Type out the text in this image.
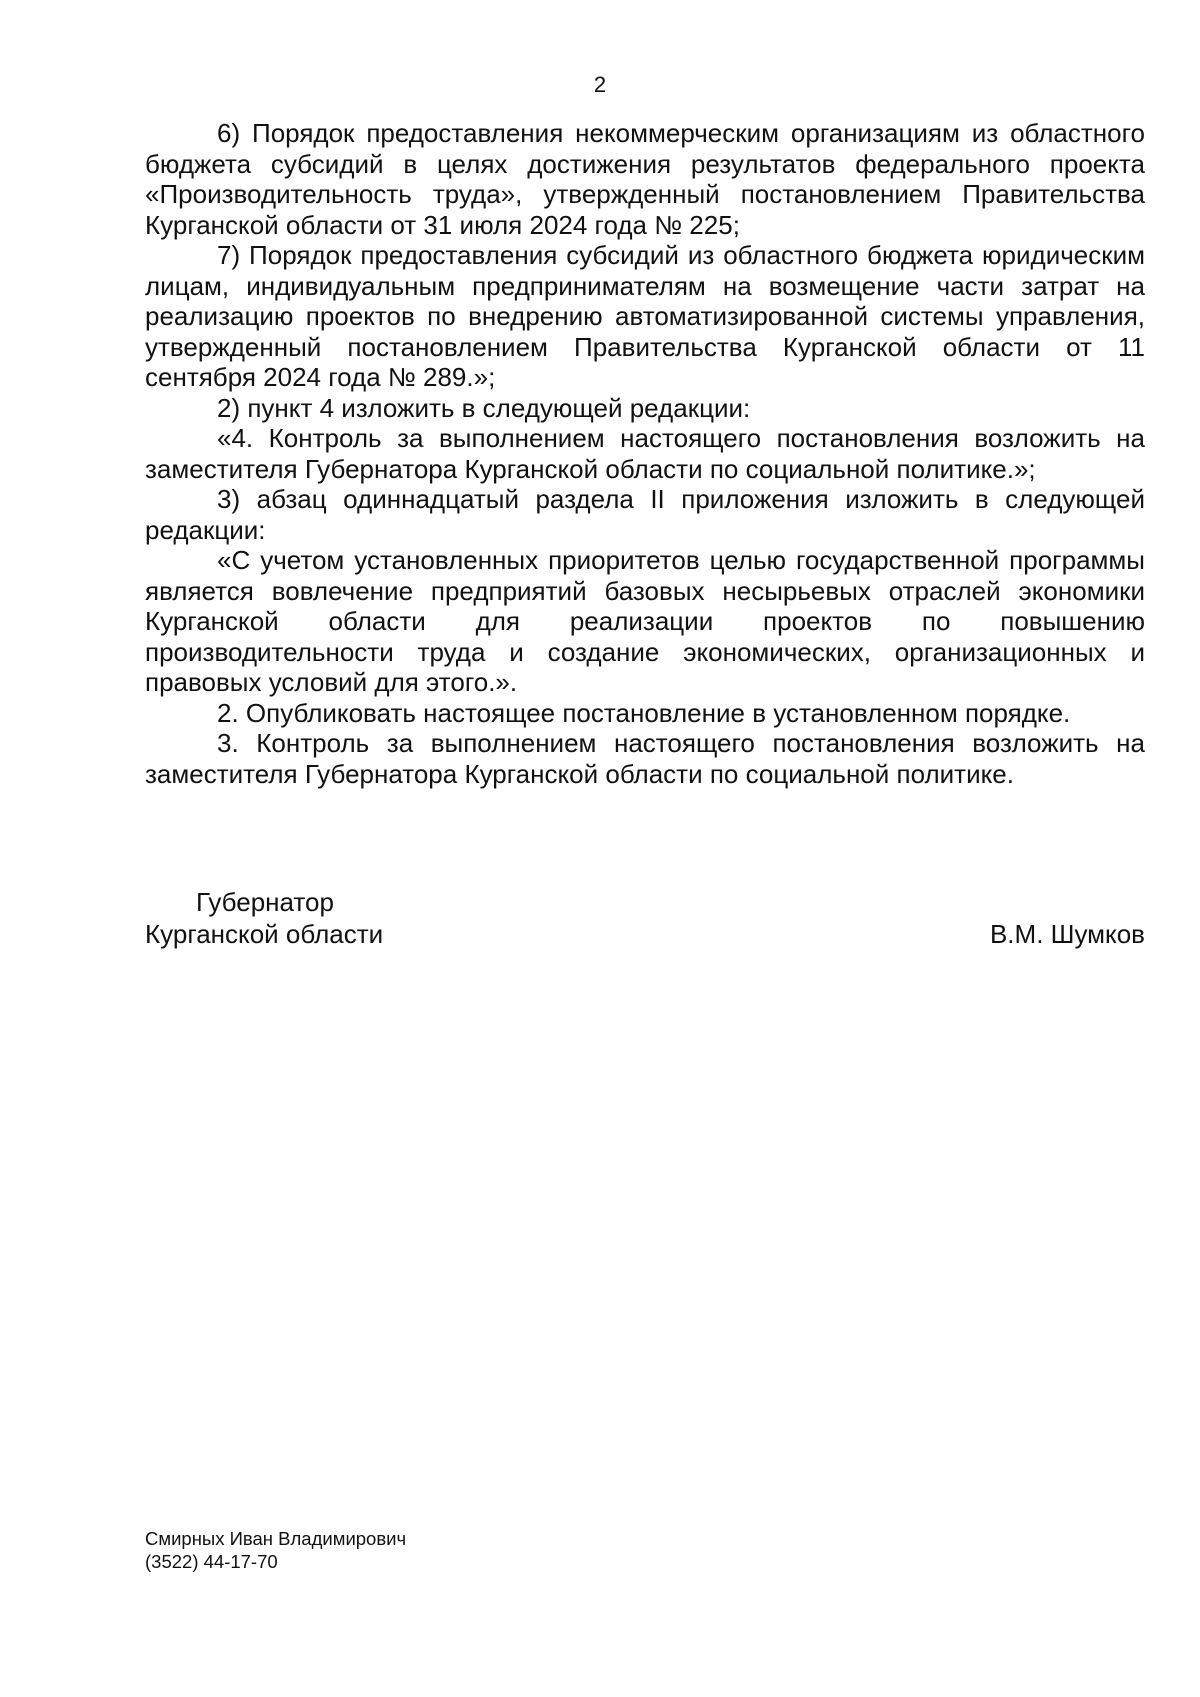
2

6) Порядок предоставления некоммерческим организациям из областного бюджета субсидий в целях достижения результатов федерального проекта «Производительность труда», утвержденный постановлением Правительства Курганской области от 31 июля 2024 года № 225;

7) Порядок предоставления субсидий из областного бюджета юридическим лицам, индивидуальным предпринимателям на возмещение части затрат на реализацию проектов по внедрению автоматизированной системы управления, утвержденный постановлением Правительства Курганской области от 11 сентября 2024 года № 289.»;

2) пункт 4 изложить в следующей редакции:

«4. Контроль за выполнением настоящего постановления возложить на заместителя Губернатора Курганской области по социальной политике.»;

3) абзац одиннадцатый раздела II приложения изложить в следующей редакции:

«С учетом установленных приоритетов целью государственной программы является вовлечение предприятий базовых несырьевых отраслей экономики Курганской области для реализации проектов по повышению производительности труда и создание экономических, организационных и правовых условий для этого.».

2. Опубликовать настоящее постановление в установленном порядке.

3. Контроль за выполнением настоящего постановления возложить на заместителя Губернатора Курганской области по социальной политике.

Губернатор
Курганской области	В.М. Шумков
Смирных Иван Владимирович
(3522) 44-17-70
